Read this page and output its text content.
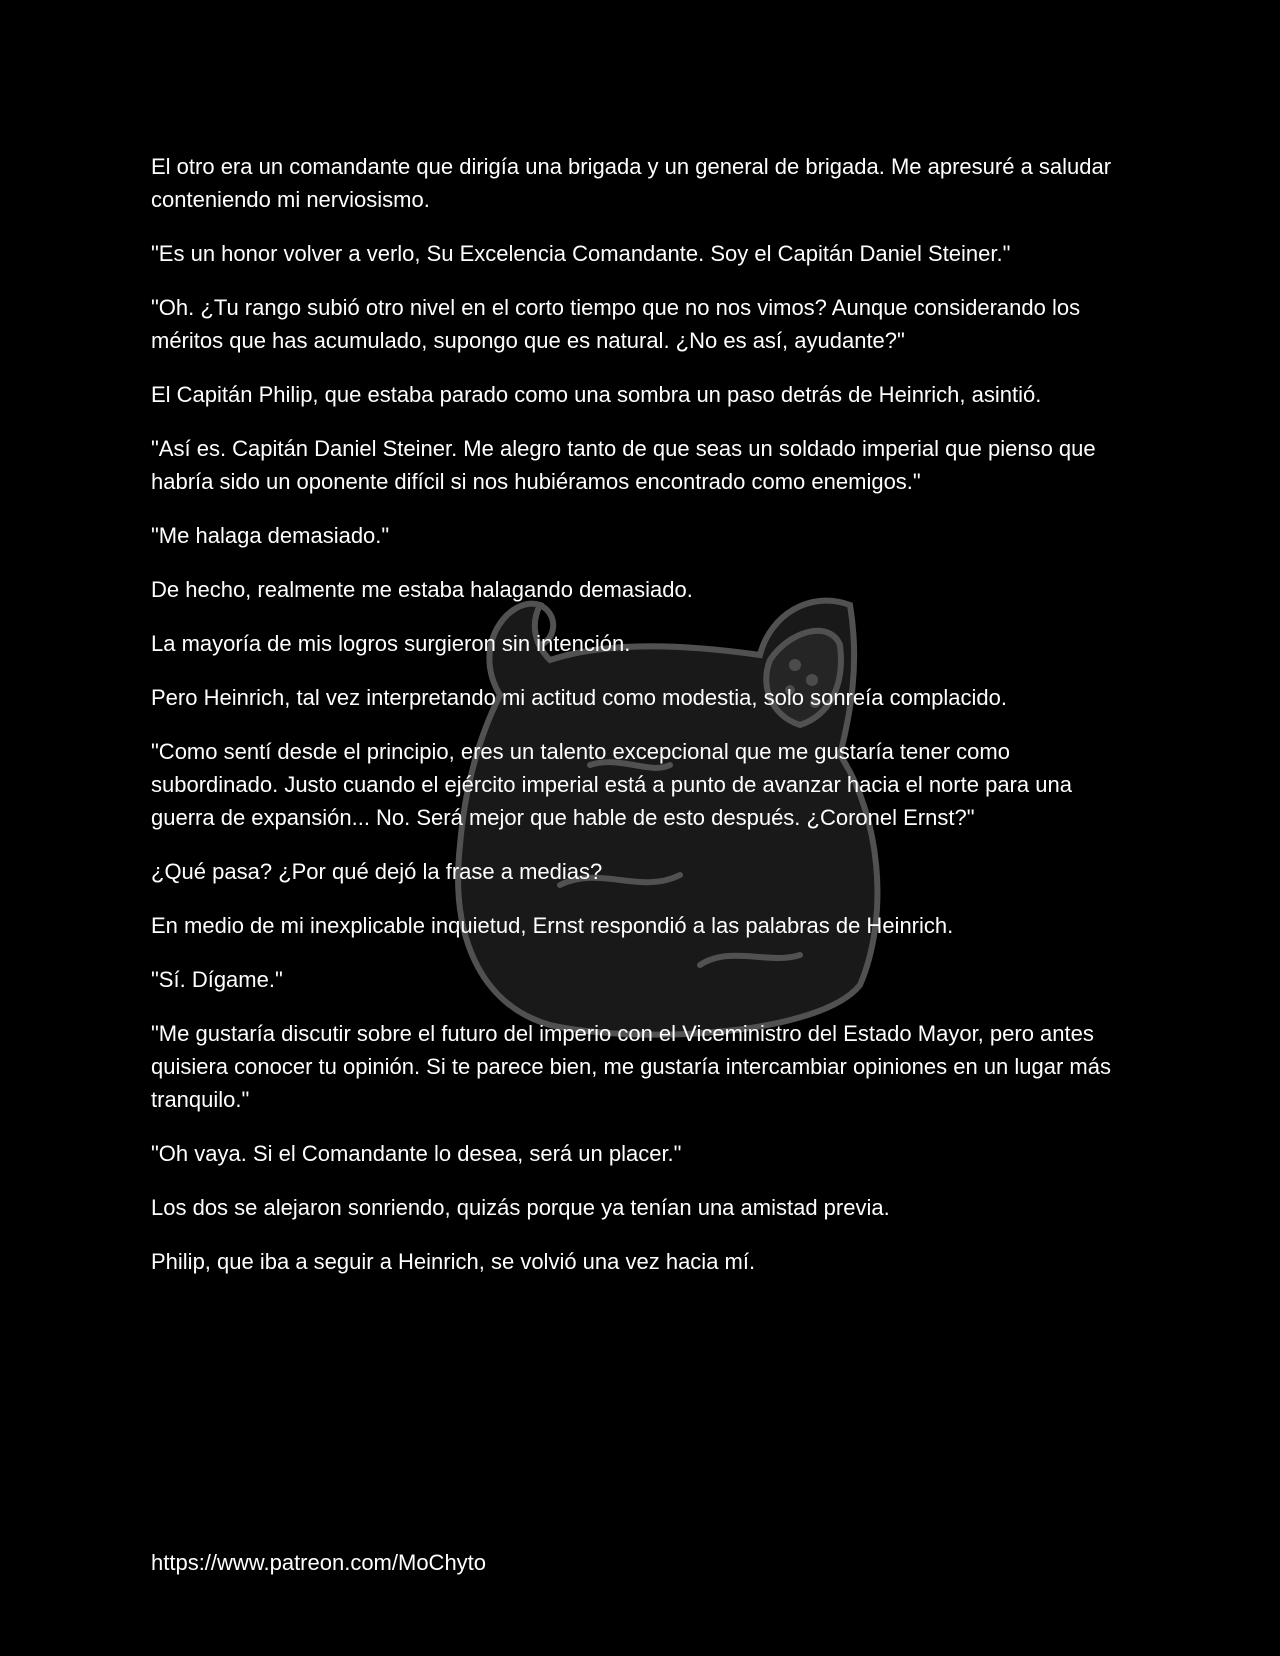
El otro era un comandante que dirigía una brigada y un general de brigada. Me apresuré a saludar conteniendo mi nerviosismo.

"Es un honor volver a verlo, Su Excelencia Comandante. Soy el Capitán Daniel Steiner."

"Oh. ¿Tu rango subió otro nivel en el corto tiempo que no nos vimos? Aunque considerando los méritos que has acumulado, supongo que es natural. ¿No es así, ayudante?"

El Capitán Philip, que estaba parado como una sombra un paso detrás de Heinrich, asintió.

"Así es. Capitán Daniel Steiner. Me alegro tanto de que seas un soldado imperial que pienso que habría sido un oponente difícil si nos hubiéramos encontrado como enemigos."

"Me halaga demasiado."

De hecho, realmente me estaba halagando demasiado.

La mayoría de mis logros surgieron sin intención.

Pero Heinrich, tal vez interpretando mi actitud como modestia, solo sonreía complacido.

"Como sentí desde el principio, eres un talento excepcional que me gustaría tener como subordinado. Justo cuando el ejército imperial está a punto de avanzar hacia el norte para una guerra de expansión... No. Será mejor que hable de esto después. ¿Coronel Ernst?"

¿Qué pasa? ¿Por qué dejó la frase a medias?

En medio de mi inexplicable inquietud, Ernst respondió a las palabras de Heinrich.

"Sí. Dígame."

"Me gustaría discutir sobre el futuro del imperio con el Viceministro del Estado Mayor, pero antes quisiera conocer tu opinión. Si te parece bien, me gustaría intercambiar opiniones en un lugar más tranquilo."

"Oh vaya. Si el Comandante lo desea, será un placer."

Los dos se alejaron sonriendo, quizás porque ya tenían una amistad previa.

Philip, que iba a seguir a Heinrich, se volvió una vez hacia mí.

https://www.patreon.com/MoChyto
